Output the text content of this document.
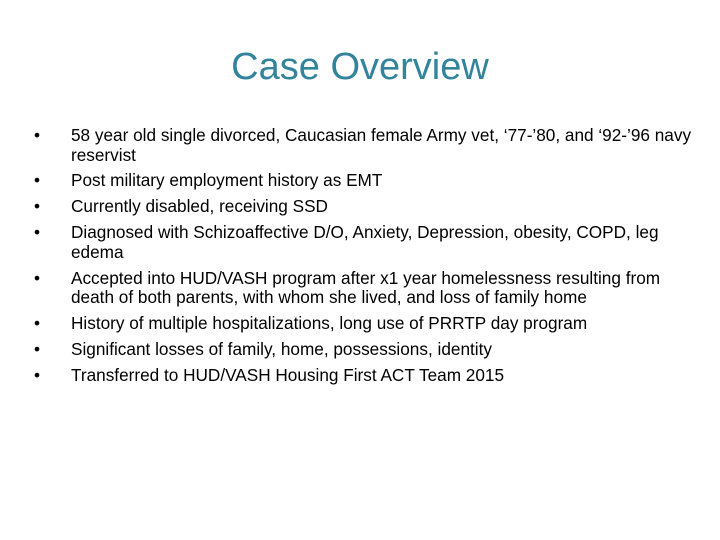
Case Overview
•	58 year old single divorced, Caucasian female Army vet, ‘77-’80, and ‘92-’96 navy reservist
•	Post military employment history as EMT
•	Currently disabled, receiving SSD
•	Diagnosed with Schizoaffective D/O, Anxiety, Depression, obesity, COPD, leg edema
•	Accepted into HUD/VASH program after x1 year homelessness resulting from death of both parents, with whom she lived, and loss of family home
•	History of multiple hospitalizations, long use of PRRTP day program
•	Significant losses of family, home, possessions, identity
•	Transferred to HUD/VASH Housing First ACT Team 2015
